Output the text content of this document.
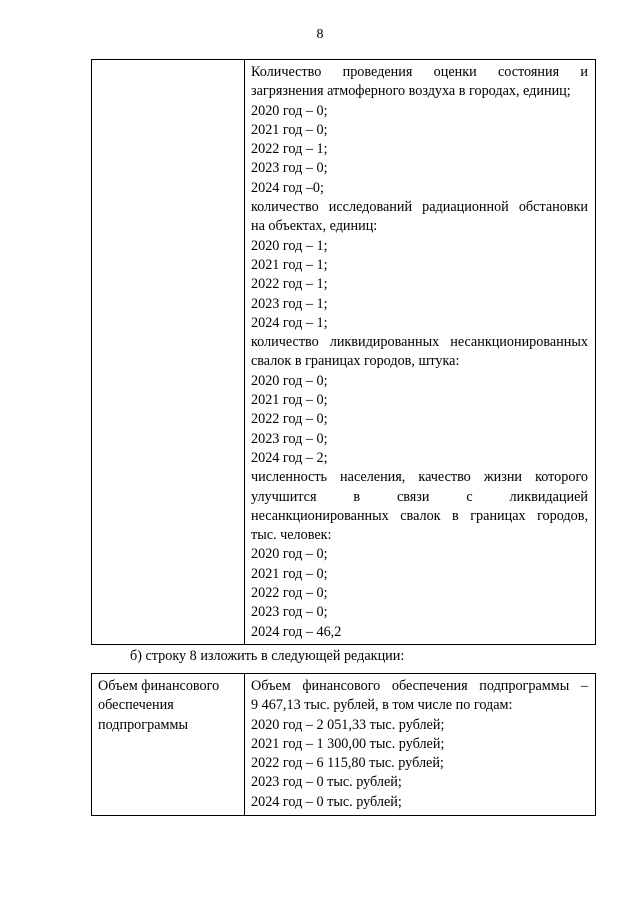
8

Количество проведения оценки состояния и
загрязнения атмоферного воздуха в городах, единиц;
2020 год – 0;
2021 год – 0;
2022 год – 1;
2023 год – 0;
2024 год –0;
количество исследований радиационной обстановки
на объектах, единиц:
2020 год – 1;
2021 год – 1;
2022 год – 1;
2023 год – 1;
2024 год – 1;
количество ликвидированных несанкционированных
свалок в границах городов, штука:
2020 год – 0;
2021 год – 0;
2022 год – 0;
2023 год – 0;
2024 год – 2;
численность населения, качество жизни которого
улучшится в связи с ликвидацией
несанкционированных свалок в границах городов,
тыс. человек:
2020 год – 0;
2021 год – 0;
2022 год – 0;
2023 год – 0;
2024 год – 46,2
б) строку 8 изложить в следующей редакции:
Объем финансового
обеспечения
подпрограммы

Объем финансового обеспечения подпрограммы –
9 467,13 тыс. рублей, в том числе по годам:
2020 год – 2 051,33 тыс. рублей;
2021 год – 1 300,00 тыс. рублей;
2022 год – 6 115,80 тыс. рублей;
2023 год – 0 тыс. рублей;
2024 год – 0 тыс. рублей;
